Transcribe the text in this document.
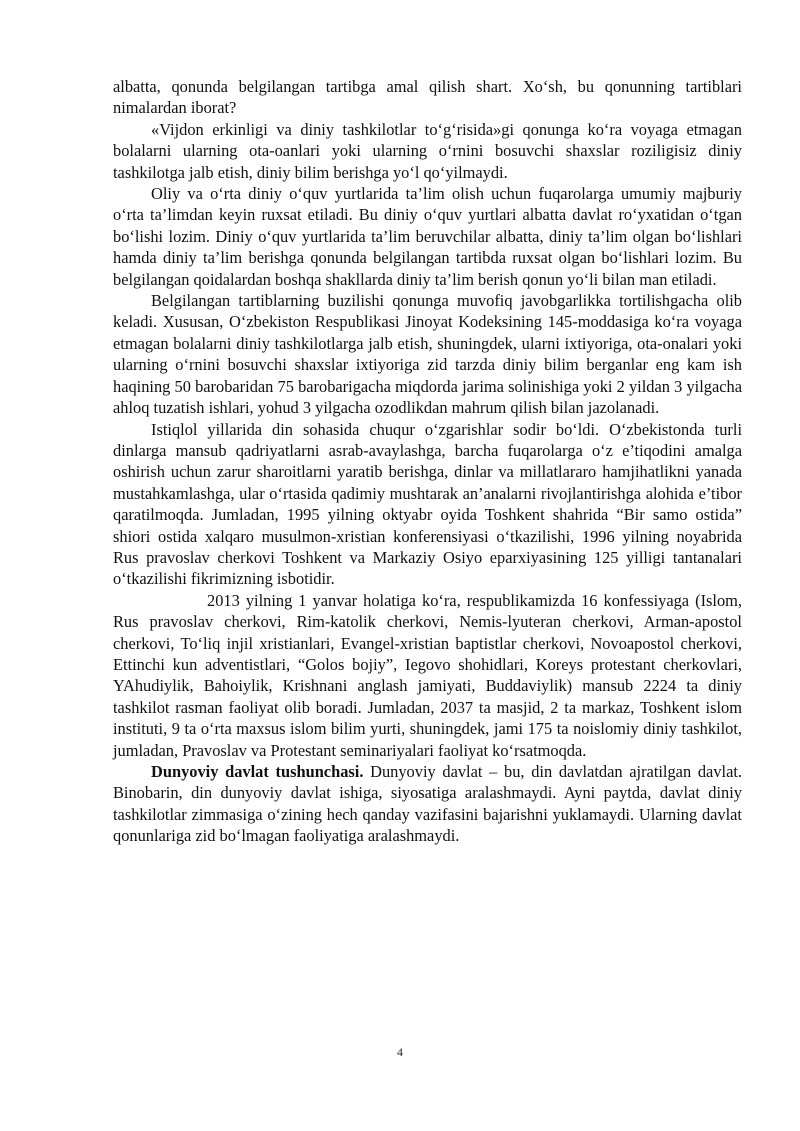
albatta, qonunda belgilangan tartibga amal qilish shart. Xo‘sh, bu qonunning tartiblari nimalardan iborat?

«Vijdon erkinligi va diniy tashkilotlar to‘g‘risida»gi qonunga ko‘ra voyaga etmagan bolalarni ularning ota-oanlari yoki ularning o‘rnini bosuvchi shaxslar roziligisiz diniy tashkilotga jalb etish, diniy bilim berishga yo‘l qo‘yilmaydi.

Oliy va o‘rta diniy o‘quv yurtlarida ta’lim olish uchun fuqarolarga umumiy majburiy o‘rta ta’limdan keyin ruxsat etiladi. Bu diniy o‘quv yurtlari albatta davlat ro‘yxatidan o‘tgan bo‘lishi lozim. Diniy o‘quv yurtlarida ta’lim beruvchilar albatta, diniy ta’lim olgan bo‘lishlari hamda diniy ta’lim berishga qonunda belgilangan tartibda ruxsat olgan bo‘lishlari lozim. Bu belgilangan qoidalardan boshqa shakllarda diniy ta’lim berish qonun yo‘li bilan man etiladi.

Belgilangan tartiblarning buzilishi qonunga muvofiq javobgarlikka tortilishgacha olib keladi. Xususan, O‘zbekiston Respublikasi Jinoyat Kodeksining 145-moddasiga ko‘ra voyaga etmagan bolalarni diniy tashkilotlarga jalb etish, shuningdek, ularni ixtiyoriga, ota-onalari yoki ularning o‘rnini bosuvchi shaxslar ixtiyoriga zid tarzda diniy bilim berganlar eng kam ish haqining 50 barobaridan 75 barobarigacha miqdorda jarima solinishiga yoki 2 yildan 3 yilgacha ahloq tuzatish ishlari, yohud 3 yilgacha ozodlikdan mahrum qilish bilan jazolanadi.

Istiqlol yillarida din sohasida chuqur o‘zgarishlar sodir bo‘ldi. O‘zbekistonda turli dinlarga mansub qadriyatlarni asrab-avaylashga, barcha fuqarolarga o‘z e’tiqodini amalga oshirish uchun zarur sharoitlarni yaratib berishga, dinlar va millatlararo hamjihatlikni yanada mustahkamlashga, ular o‘rtasida qadimiy mushtarak an’analarni rivojlantirishga alohida e’tibor qaratilmoqda. Jumladan, 1995 yilning oktyabr oyida Toshkent shahrida “Bir samo ostida” shiori ostida xalqaro musulmon-xristian konferensiyasi o‘tkazilishi, 1996 yilning noyabrida Rus pravoslav cherkovi Toshkent va Markaziy Osiyo eparxiyasining 125 yilligi tantanalari o‘tkazilishi fikrimizning isbotidir.

2013 yilning 1 yanvar holatiga ko‘ra, respublikamizda 16 konfessiyaga (Islom, Rus pravoslav cherkovi, Rim-katolik cherkovi, Nemis-lyuteran cherkovi, Arman-apostol cherkovi, To‘liq injil xristianlari, Evangel-xristian baptistlar cherkovi, Novoapostol cherkovi, Ettinchi kun adventistlari, “Golos bojiy”, Iegovo shohidlari, Koreys protestant cherkovlari, YAhudiylik, Bahoiylik, Krishnani anglash jamiyati, Buddaviylik) mansub 2224 ta diniy tashkilot rasman faoliyat olib boradi. Jumladan, 2037 ta masjid, 2 ta markaz, Toshkent islom instituti, 9 ta o‘rta maxsus islom bilim yurti, shuningdek, jami 175 ta noislomiy diniy tashkilot, jumladan, Pravoslav va Protestant seminariyalari faoliyat ko‘rsatmoqda.

Dunyoviy davlat tushunchasi. Dunyoviy davlat – bu, din davlatdan ajratilgan davlat. Binobarin, din dunyoviy davlat ishiga, siyosatiga aralashmaydi. Ayni paytda, davlat diniy tashkilotlar zimmasiga o‘zining hech qanday vazifasini bajarishni yuklamaydi. Ularning davlat qonunlariga zid bo‘lmagan faoliyatiga aralashmaydi.

4
